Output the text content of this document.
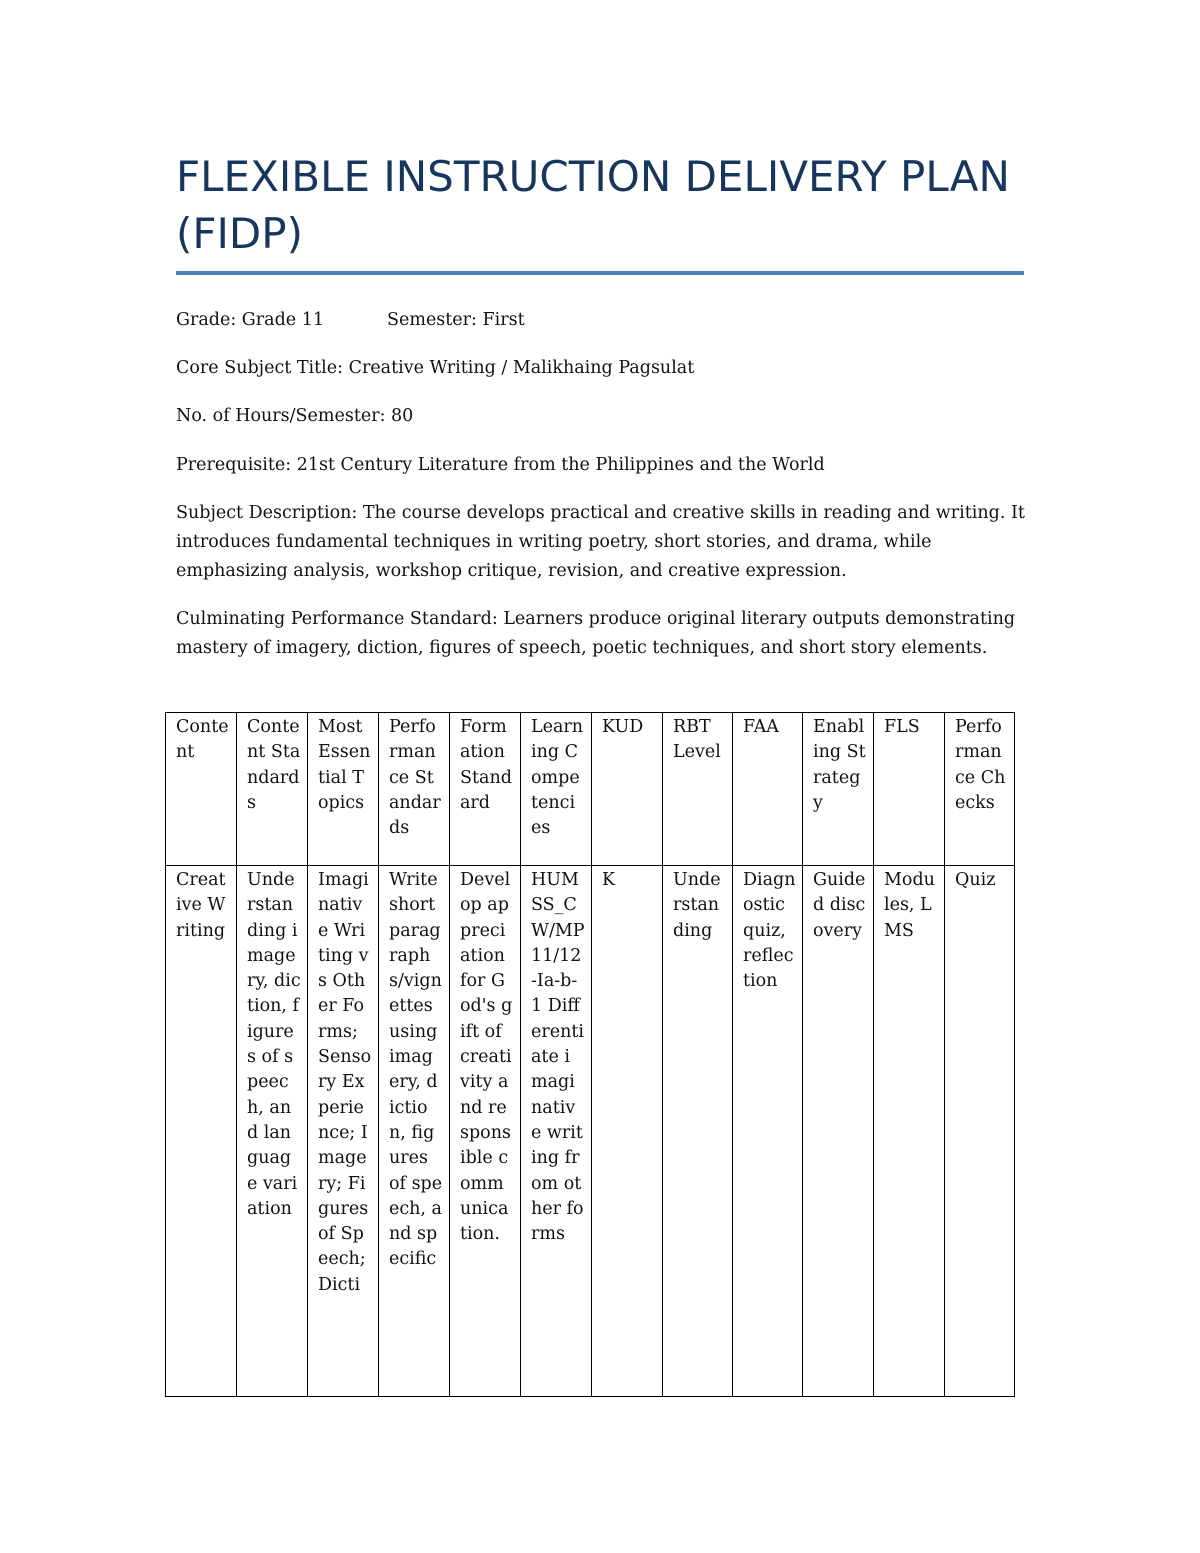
FLEXIBLE INSTRUCTION DELIVERY PLAN (FIDP)
Grade: Grade 11	Semester: First
Core Subject Title: Creative Writing / Malikhaing Pagsulat
No. of Hours/Semester: 80
Prerequisite: 21st Century Literature from the Philippines and the World

Subject Description: The course develops practical and creative skills in reading and writing. It introduces fundamental techniques in writing poetry, short stories, and drama, while emphasizing analysis, workshop critique, revision, and creative expression.

Culminating Performance Standard: Learners produce original literary outputs demonstrating mastery of imagery, diction, figures of speech, poetic techniques, and short story elements.

Content	Content Standards	Most Essential Topics	Performance Standards	Formation Standard	Learning Competencies	KUD	RBT Level	FAA	Enabling Strategy	FLS	Performance Checks
Creative Writing	Understanding imagery, diction, figures of speech, and language variation	Imaginative Writing vs Other Forms; Sensory Experience; Imagery; Figures of Speech; Dicti	Write short paragraphs/vignettes using imagery, diction, figures of speech, and specific	Develop appreciation for God's gift of creativity and responsible communication.	HUMSS_CW/MP11/12-Ia-b-1 Differentiate imaginative writing from other forms	K	Understanding	Diagnostic quiz, reflection	Guided discovery	Modules, LMS	Quiz
